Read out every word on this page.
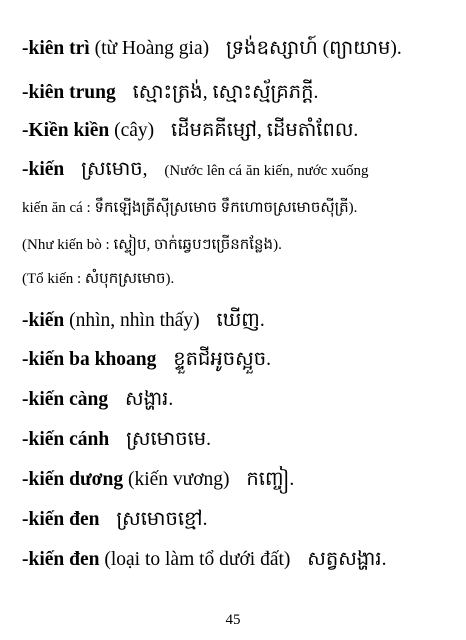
-kiên trì (từ Hoàng gia) ទ្រង់ឧស្សាហ៍ (ព្យាយាម).
-kiên trung ស្មោះត្រង់, ស្មោះស្ម័គ្រភក្តី.
-Kiền kiền (cây) ដើមគគីម្សៅ, ដើមតាំពែល.
-kiến ស្រមោច, (Nước lên cá ăn kiến, nước xuống
kiến ăn cá : ទឹកឡើងត្រីស៊ីស្រមោច ទឹកហោចស្រមោចស៊ីត្រី).
(Như kiến bò : ស្ទៀប, ចាក់ឆ្វេបៗច្រើនកន្លែង).
(Tổ kiến : សំបុកស្រមោច).
-kiến (nhìn, nhìn thấy) ឃើញ.
-kiến ba khoang ខ្ទួតជីអូចស្អួច.
-kiến càng សង្ហារ.
-kiến cánh ស្រមោចមេ.
-kiến dương (kiến vương) កញ្ចៀ.
-kiến đen ស្រមោចខ្មៅ.
-kiến đen (loại to làm tổ dưới đất) សត្វសង្ហារ.
45
